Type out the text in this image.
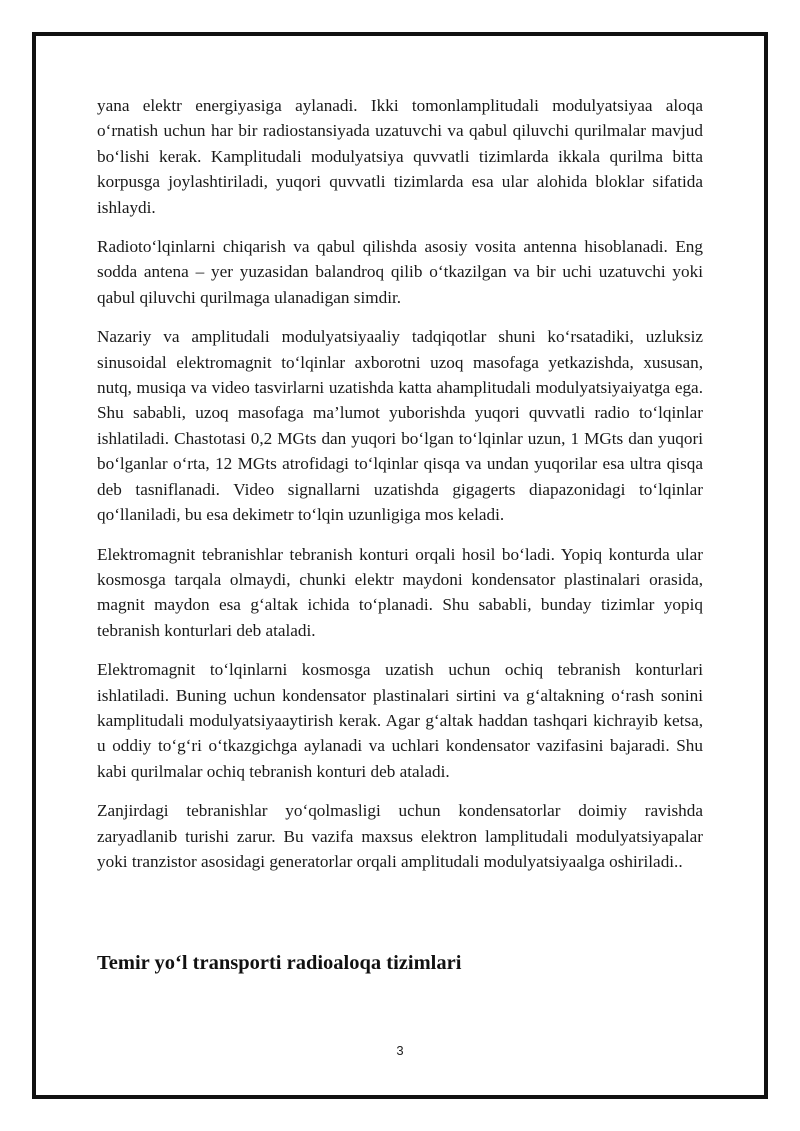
yana elektr energiyasiga aylanadi. Ikki tomonlamplitudali modulyatsiyaa aloqa o‘rnatish uchun har bir radiostansiyada uzatuvchi va qabul qiluvchi qurilmalar mavjud bo‘lishi kerak. Kamplitudali modulyatsiya quvvatli tizimlarda ikkala qurilma bitta korpusga joylashtiriladi, yuqori quvvatli tizimlarda esa ular alohida bloklar sifatida ishlaydi.

Radioto‘lqinlarni chiqarish va qabul qilishda asosiy vosita antenna hisoblanadi. Eng sodda antena – yer yuzasidan balandroq qilib o‘tkazilgan va bir uchi uzatuvchi yoki qabul qiluvchi qurilmaga ulanadigan simdir.

Nazariy va amplitudali modulyatsiyaaliy tadqiqotlar shuni ko‘rsatadiki, uzluksiz sinusoidal elektromagnit to‘lqinlar axborotni uzoq masofaga yetkazishda, xususan, nutq, musiqa va video tasvirlarni uzatishda katta ahamplitudali modulyatsiyaiyatga ega. Shu sababli, uzoq masofaga ma’lumot yuborishda yuqori quvvatli radio to‘lqinlar ishlatiladi. Chastotasi 0,2 MGts dan yuqori bo‘lgan to‘lqinlar uzun, 1 MGts dan yuqori bo‘lganlar o‘rta, 12 MGts atrofidagi to‘lqinlar qisqa va undan yuqorilar esa ultra qisqa deb tasniflanadi. Video signallarni uzatishda gigagerts diapazonidagi to‘lqinlar qo‘llaniladi, bu esa dekimetr to‘lqin uzunligiga mos keladi.

Elektromagnit tebranishlar tebranish konturi orqali hosil bo‘ladi. Yopiq konturda ular kosmosga tarqala olmaydi, chunki elektr maydoni kondensator plastinalari orasida, magnit maydon esa g‘altak ichida to‘planadi. Shu sababli, bunday tizimlar yopiq tebranish konturlari deb ataladi.

Elektromagnit to‘lqinlarni kosmosga uzatish uchun ochiq tebranish konturlari ishlatiladi. Buning uchun kondensator plastinalari sirtini va g‘altakning o‘rash sonini kamplitudali modulyatsiyaaytirish kerak. Agar g‘altak haddan tashqari kichrayib ketsa, u oddiy to‘g‘ri o‘tkazgichga aylanadi va uchlari kondensator vazifasini bajaradi. Shu kabi qurilmalar ochiq tebranish konturi deb ataladi.

Zanjirdagi tebranishlar yo‘qolmasligi uchun kondensatorlar doimiy ravishda zaryadlanib turishi zarur. Bu vazifa maxsus elektron lamplitudali modulyatsiyapalar yoki tranzistor asosidagi generatorlar orqali amplitudali modulyatsiyaalga oshiriladi..

Temir yo‘l transporti radioaloqa tizimlari
3
